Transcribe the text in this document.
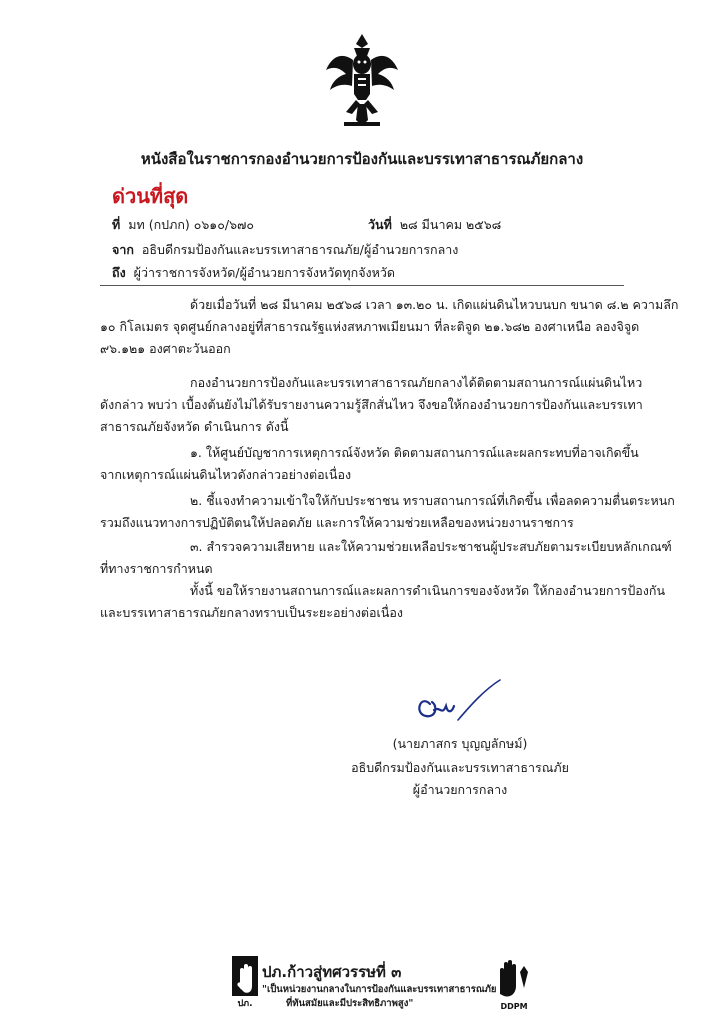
หนังสือในราชการกองอำนวยการป้องกันและบรรเทาสาธารณภัยกลาง
ด่วนที่สุด
ที่ มท (กปภก) ๐๖๑๐/๖๗๐	วันที่ ๒๘ มีนาคม ๒๕๖๘
จาก อธิบดีกรมป้องกันและบรรเทาสาธารณภัย/ผู้อำนวยการกลาง
ถึง ผู้ว่าราชการจังหวัด/ผู้อำนวยการจังหวัดทุกจังหวัด
ด้วยเมื่อวันที่ ๒๘ มีนาคม ๒๕๖๘ เวลา ๑๓.๒๐ น. เกิดแผ่นดินไหวบนบก ขนาด ๘.๒ ความลึก
๑๐ กิโลเมตร จุดศูนย์กลางอยู่ที่สาธารณรัฐแห่งสหภาพเมียนมา ที่ละติจูด ๒๑.๖๘๒ องศาเหนือ ลองจิจูด
๙๖.๑๒๑ องศาตะวันออก
กองอำนวยการป้องกันและบรรเทาสาธารณภัยกลางได้ติดตามสถานการณ์แผ่นดินไหว
ดังกล่าว พบว่า เบื้องต้นยังไม่ได้รับรายงานความรู้สึกสั่นไหว จึงขอให้กองอำนวยการป้องกันและบรรเทา
สาธารณภัยจังหวัด ดำเนินการ ดังนี้
๑. ให้ศูนย์บัญชาการเหตุการณ์จังหวัด ติดตามสถานการณ์และผลกระทบที่อาจเกิดขึ้น
จากเหตุการณ์แผ่นดินไหวดังกล่าวอย่างต่อเนื่อง
๒. ชี้แจงทำความเข้าใจให้กับประชาชน ทราบสถานการณ์ที่เกิดขึ้น เพื่อลดความตื่นตระหนก
รวมถึงแนวทางการปฏิบัติตนให้ปลอดภัย และการให้ความช่วยเหลือของหน่วยงานราชการ
๓. สำรวจความเสียหาย และให้ความช่วยเหลือประชาชนผู้ประสบภัยตามระเบียบหลักเกณฑ์
ที่ทางราชการกำหนด
ทั้งนี้ ขอให้รายงานสถานการณ์และผลการดำเนินการของจังหวัด ให้กองอำนวยการป้องกัน
และบรรเทาสาธารณภัยกลางทราบเป็นระยะอย่างต่อเนื่อง
(นายภาสกร บุญญลักษม์)
อธิบดีกรมป้องกันและบรรเทาสาธารณภัย
ผู้อำนวยการกลาง
ปภ.
ปภ.ก้าวสู่ทศวรรษที่ ๓
"เป็นหน่วยงานกลางในการป้องกันและบรรเทาสาธารณภัย
ที่ทันสมัยและมีประสิทธิภาพสูง"	DDPM
